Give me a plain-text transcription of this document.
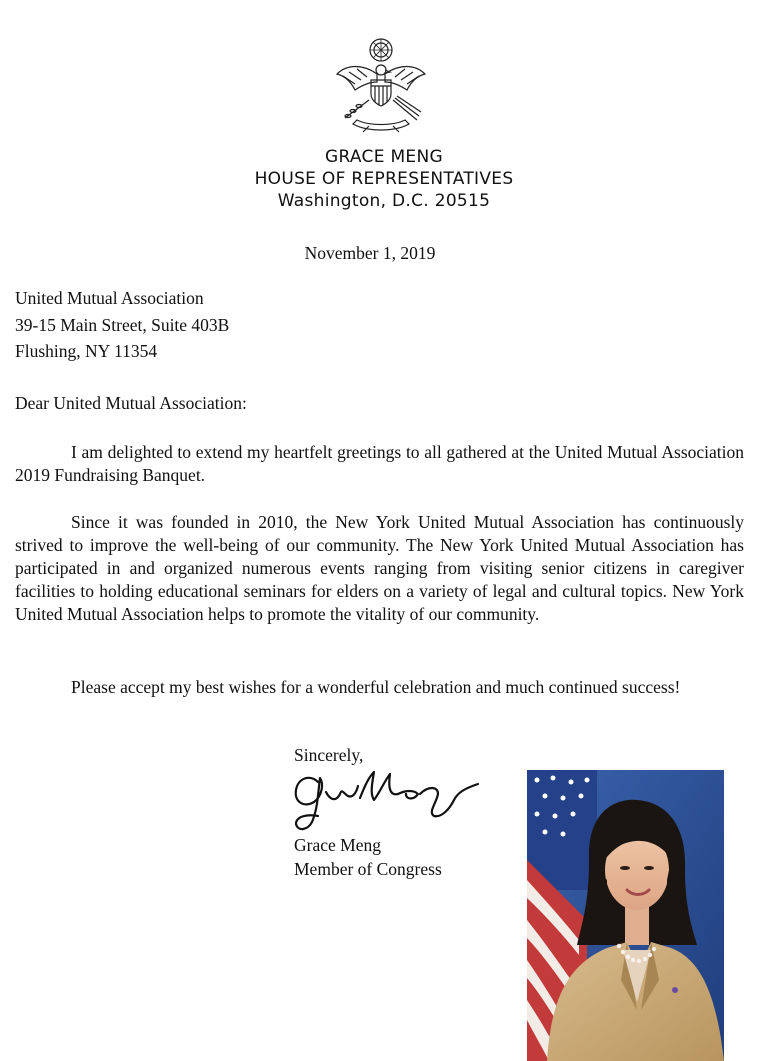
GRACE MENG
HOUSE OF REPRESENTATIVES
Washington, D.C. 20515
November 1, 2019
United Mutual Association
39-15 Main Street, Suite 403B
Flushing, NY 11354
Dear United Mutual Association:
I am delighted to extend my heartfelt greetings to all gathered at the United Mutual Association 2019 Fundraising Banquet.
Since it was founded in 2010, the New York United Mutual Association has continuously strived to improve the well-being of our community. The New York United Mutual Association has participated in and organized numerous events ranging from visiting senior citizens in caregiver facilities to holding educational seminars for elders on a variety of legal and cultural topics. New York United Mutual Association helps to promote the vitality of our community.
Please accept my best wishes for a wonderful celebration and much continued success!
Sincerely,
Grace Meng
Member of Congress
